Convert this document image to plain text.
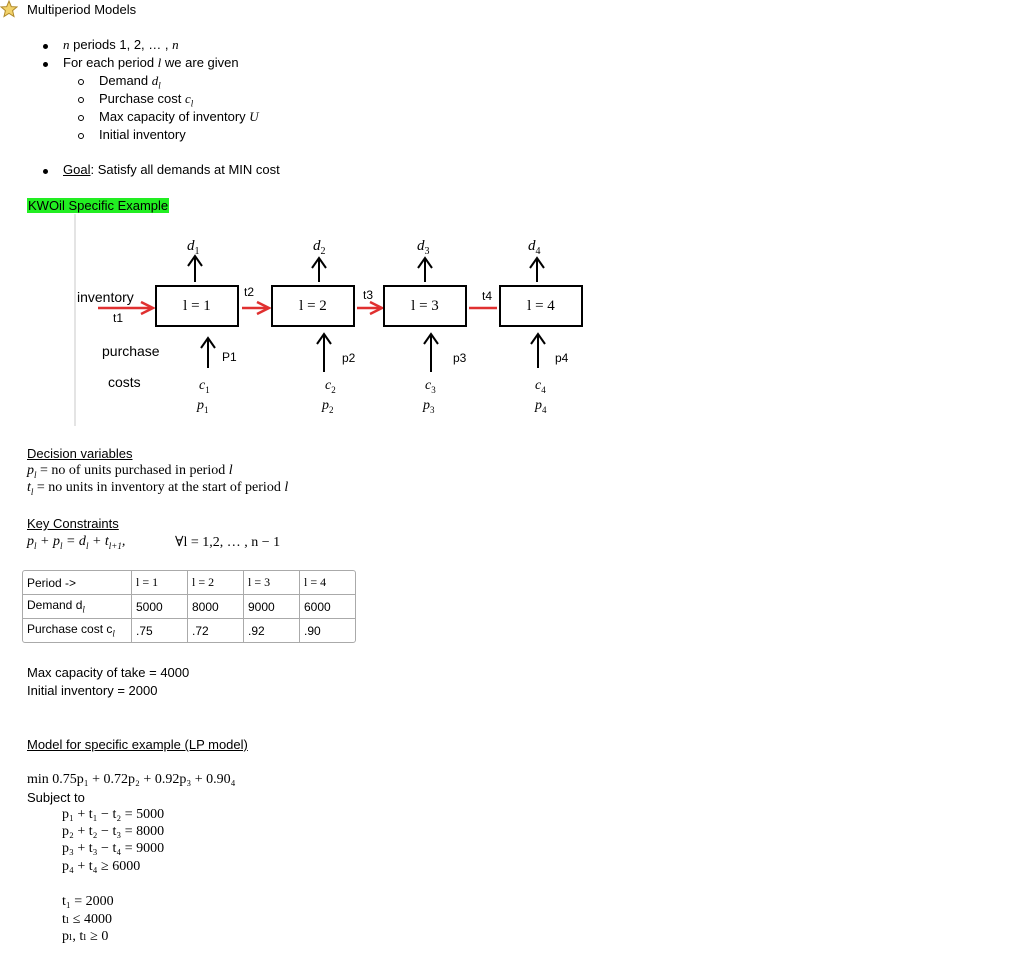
Multiperiod Models
n periods 1, 2, … , n
For each period l we are given
Demand $d_l$
Purchase cost $c_l$
Max capacity of inventory U
Initial inventory
Goal: Satisfy all demands at MIN cost
KWOil Specific Example
inventory
t1
purchase
costs
l = 1	l = 2	l = 3	l = 4
$d_1$	$d_2$	$d_3$	$d_4$
t2	t3	t4
P1	p2	p3	p4
$c_1$	$c_2$	$c_3$	$c_4$
$p_1$	$p_2$	$p_3$	$p_4$
Decision variables
$p_l$ = no of units purchased in period l
$t_l$ = no units in inventory at the start of period l
Key Constraints
$p_l + p_l = d_l + t_{l+1}$,	∀l = 1,2, … , n − 1
Period ->	l = 1	l = 2	l = 3	l = 4
Demand $d_l$	5000	8000	9000	6000
Purchase cost $c_l$	.75	.72	.92	.90
Max capacity of take = 4000
Initial inventory = 2000
Model for specific example (LP model)
min 0.75p₁ + 0.72p₂ + 0.92p₃ + 0.90₄
Subject to
p₁ + t₁ − t₂ = 5000
p₂ + t₂ − t₃ = 8000
p₃ + t₃ − t₄ = 9000
p₄ + t₄ ≥ 6000
t₁ = 2000
tₗ ≤ 4000
pₗ, tₗ ≥ 0
